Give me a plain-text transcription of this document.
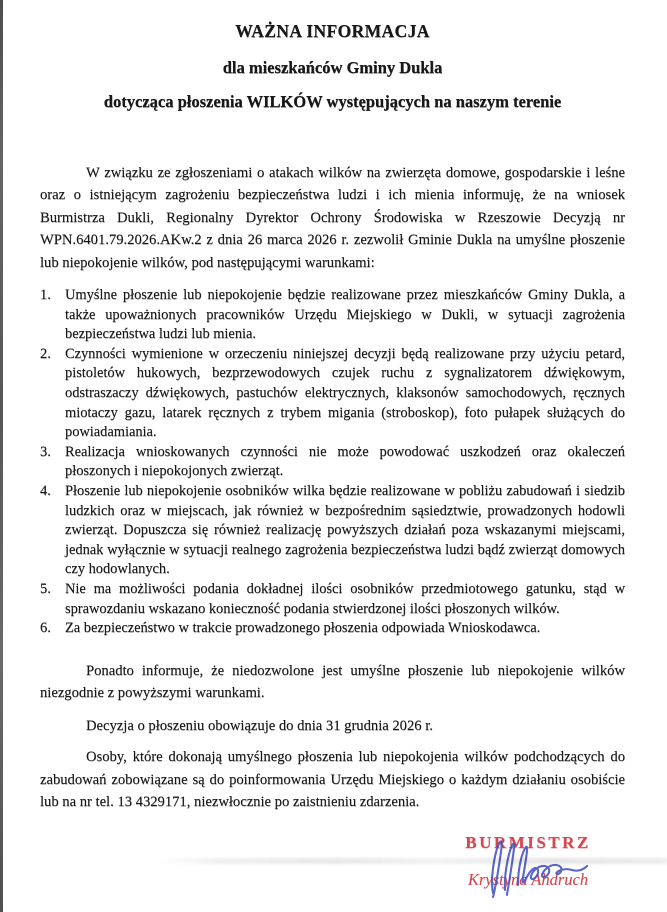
WAŻNA INFORMACJA
dla mieszkańców Gminy Dukla
dotycząca płoszenia WILKÓW występujących na naszym terenie

W związku ze zgłoszeniami o atakach wilków na zwierzęta domowe, gospodarskie i leśne oraz o istniejącym zagrożeniu bezpieczeństwa ludzi i ich mienia informuję, że na wniosek Burmistrza Dukli, Regionalny Dyrektor Ochrony Środowiska w Rzeszowie Decyzją nr WPN.6401.79.2026.AKw.2 z dnia 26 marca 2026 r. zezwolił Gminie Dukla na umyślne płoszenie lub niepokojenie wilków, pod następującymi warunkami:

1. Umyślne płoszenie lub niepokojenie będzie realizowane przez mieszkańców Gminy Dukla, a także upoważnionych pracowników Urzędu Miejskiego w Dukli, w sytuacji zagrożenia bezpieczeństwa ludzi lub mienia.
2. Czynności wymienione w orzeczeniu niniejszej decyzji będą realizowane przy użyciu petard, pistoletów hukowych, bezprzewodowych czujek ruchu z sygnalizatorem dźwiękowym, odstraszaczy dźwiękowych, pastuchów elektrycznych, klaksonów samochodowych, ręcznych miotaczy gazu, latarek ręcznych z trybem migania (stroboskop), foto pułapek służących do powiadamiania.
3. Realizacja wnioskowanych czynności nie może powodować uszkodzeń oraz okaleczeń płoszonych i niepokojonych zwierząt.
4. Płoszenie lub niepokojenie osobników wilka będzie realizowane w pobliżu zabudowań i siedzib ludzkich oraz w miejscach, jak również w bezpośrednim sąsiedztwie, prowadzonych hodowli zwierząt. Dopuszcza się również realizację powyższych działań poza wskazanymi miejscami, jednak wyłącznie w sytuacji realnego zagrożenia bezpieczeństwa ludzi bądź zwierząt domowych czy hodowlanych.
5. Nie ma możliwości podania dokładnej ilości osobników przedmiotowego gatunku, stąd w sprawozdaniu wskazano konieczność podania stwierdzonej ilości płoszonych wilków.
6. Za bezpieczeństwo w trakcie prowadzonego płoszenia odpowiada Wnioskodawca.

Ponadto informuje, że niedozwolone jest umyślne płoszenie lub niepokojenie wilków niezgodnie z powyższymi warunkami.

Decyzja o płoszeniu obowiązuje do dnia 31 grudnia 2026 r.

Osoby, które dokonają umyślnego płoszenia lub niepokojenia wilków podchodzących do zabudowań zobowiązane są do poinformowania Urzędu Miejskiego o każdym działaniu osobiście lub na nr tel. 13 4329171, niezwłocznie po zaistnieniu zdarzenia.

BURMISTRZ
Krystyna Ahdruch
